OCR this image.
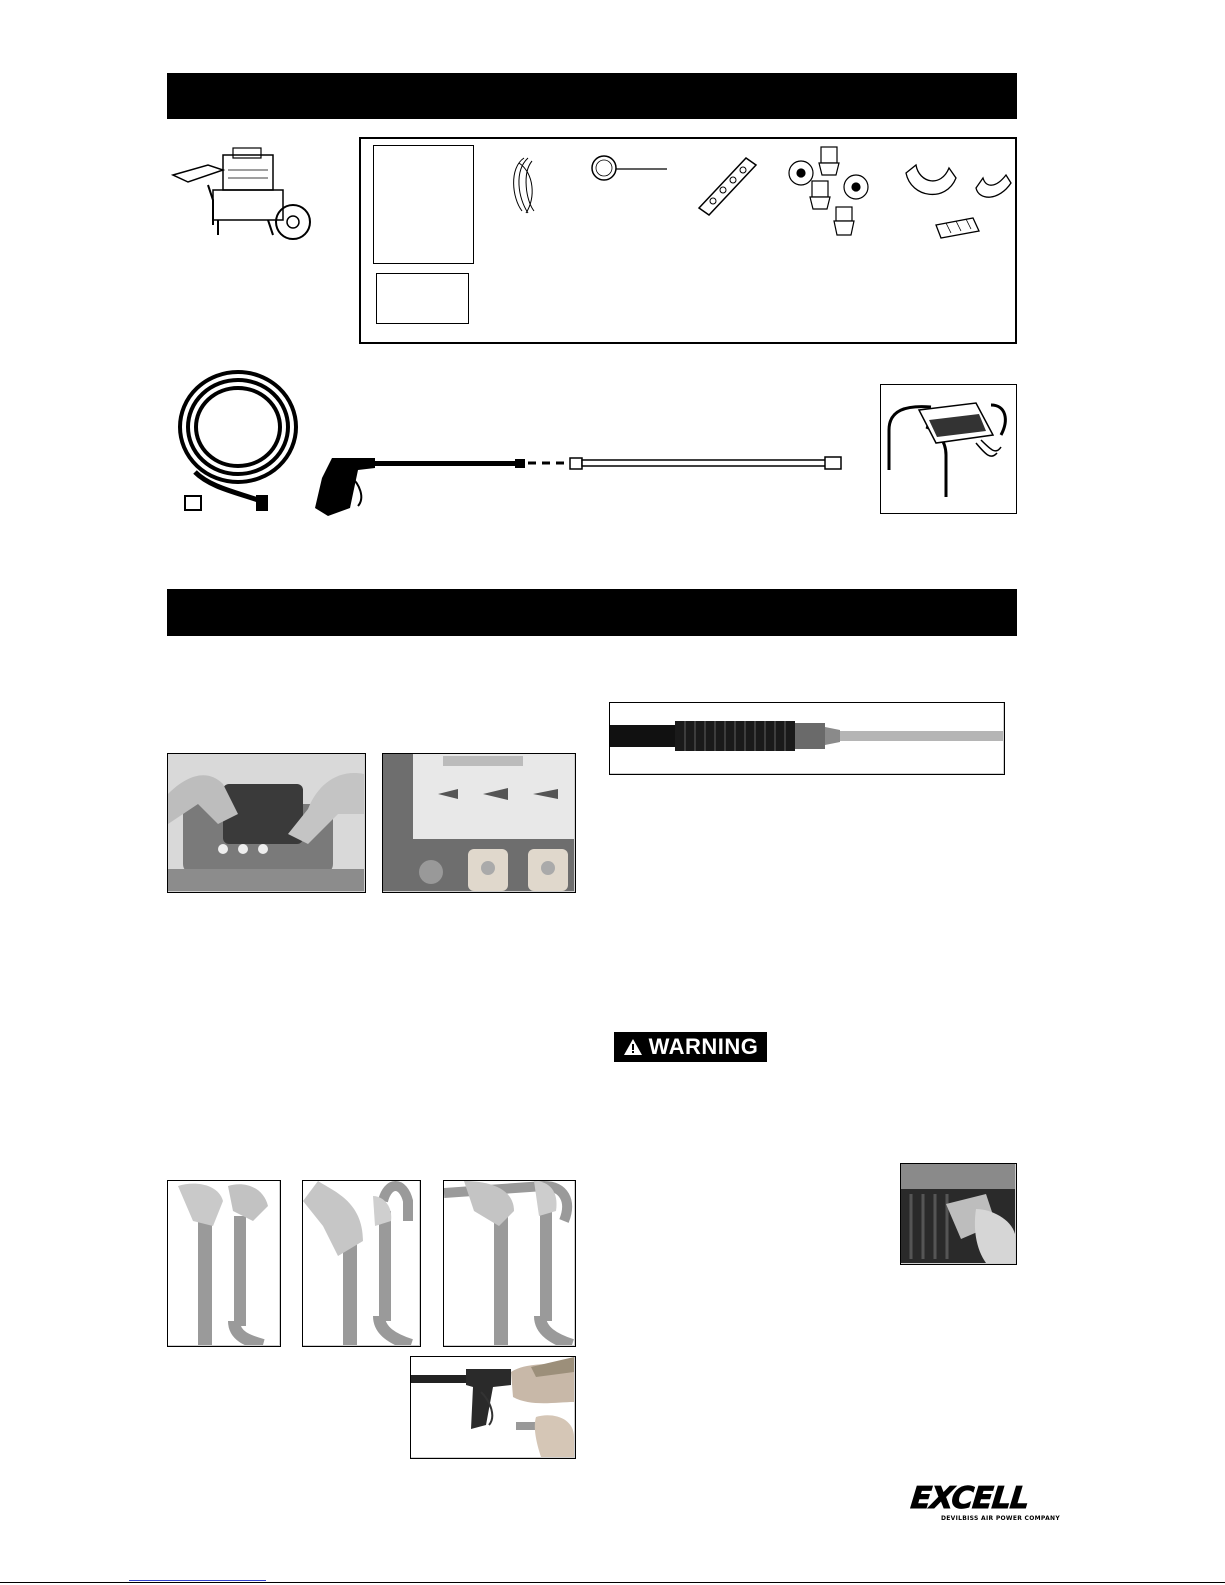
WARNING
EXCELL
DEVILBISS AIR POWER COMPANY
